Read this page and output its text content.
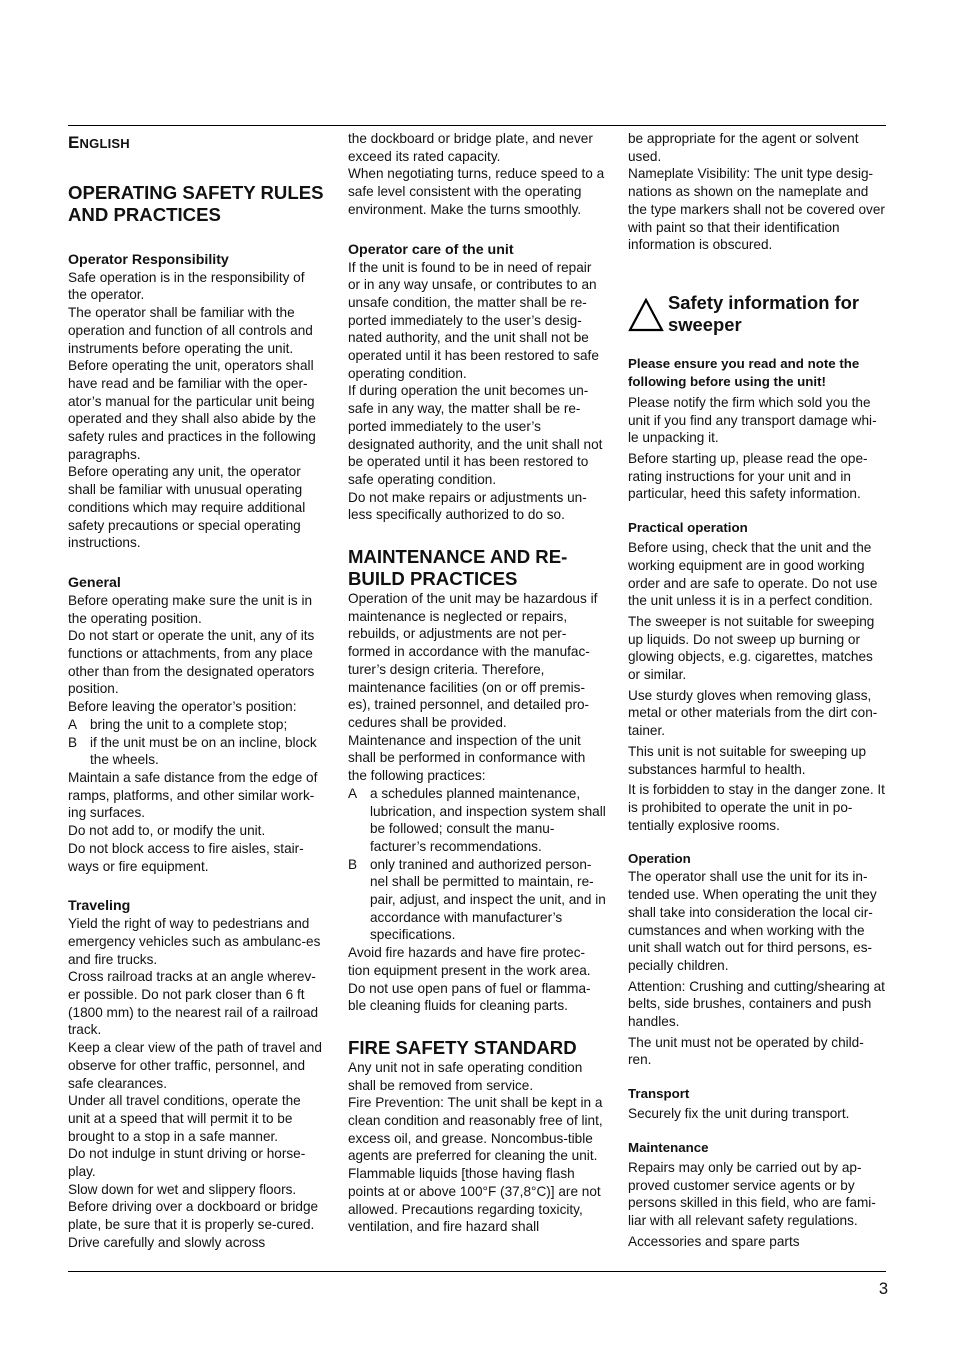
ENGLISH
OPERATING SAFETY RULES AND PRACTICES
Operator Responsibility

Safe operation is in the responsibility of the operator.

The operator shall be familiar with the operation and function of all controls and instruments before operating the unit.

Before operating the unit, operators shall have read and be familiar with the oper-ator’s manual for the particular unit being operated and they shall also abide by the safety rules and practices in the following paragraphs.

Before operating any unit, the operator shall be familiar with unusual operating conditions which may require additional safety precautions or special operating instructions.

General

Before operating make sure the unit is in the operating position.

Do not start or operate the unit, any of its functions or attachments, from any place other than from the designated operators position.

Before leaving the operator’s position:

A bring the unit to a complete stop;
B if the unit must be on an incline, block the wheels.

Maintain a safe distance from the edge of ramps, platforms, and other similar work-ing surfaces.

Do not add to, or modify the unit.

Do not block access to fire aisles, stair-ways or fire equipment.

Traveling

Yield the right of way to pedestrians and emergency vehicles such as ambulanc-es and fire trucks.

Cross railroad tracks at an angle wherev-er possible. Do not park closer than 6 ft (1800 mm) to the nearest rail of a railroad track.

Keep a clear view of the path of travel and observe for other traffic, personnel, and safe clearances.

Under all travel conditions, operate the unit at a speed that will permit it to be brought to a stop in a safe manner.

Do not indulge in stunt driving or horse-play.

Slow down for wet and slippery floors.

Before driving over a dockboard or bridge plate, be sure that it is properly se-cured. Drive carefully and slowly across

the dockboard or bridge plate, and never exceed its rated capacity.

When negotiating turns, reduce speed to a safe level consistent with the operating environment. Make the turns smoothly.

Operator care of the unit

If the unit is found to be in need of repair or in any way unsafe, or contributes to an unsafe condition, the matter shall be re-ported immediately to the user’s desig-nated authority, and the unit shall not be operated until it has been restored to safe operating condition.

If during operation the unit becomes un-safe in any way, the matter shall be re-ported immediately to the user’s designated authority, and the unit shall not be operated until it has been restored to safe operating condition.

Do not make repairs or adjustments un-less specifically authorized to do so.

MAINTENANCE AND RE-BUILD PRACTICES

Operation of the unit may be hazardous if maintenance is neglected or repairs, rebuilds, or adjustments are not per-formed in accordance with the manufac-turer’s design criteria. Therefore, maintenance facilities (on or off premis-es), trained personnel, and detailed pro-cedures shall be provided.

Maintenance and inspection of the unit shall be performed in conformance with the following practices:

A a schedules planned maintenance, lubrication, and inspection system shall be followed; consult the manu-facturer’s recommendations.
B only tranined and authorized person-nel shall be permitted to maintain, re-pair, adjust, and inspect the unit, and in accordance with manufacturer’s specifications.

Avoid fire hazards and have fire protec-tion equipment present in the work area. Do not use open pans of fuel or flamma-ble cleaning fluids for cleaning parts.

FIRE SAFETY STANDARD

Any unit not in safe operating condition shall be removed from service.

Fire Prevention: The unit shall be kept in a clean condition and reasonably free of lint, excess oil, and grease. Noncombus-tible agents are preferred for cleaning the unit. Flammable liquids [those having flash points at or above 100°F (37,8°C)] are not allowed. Precautions regarding toxicity, ventilation, and fire hazard shall

be appropriate for the agent or solvent used.

Nameplate Visibility: The unit type desig-nations as shown on the nameplate and the type markers shall not be covered over with paint so that their identification information is obscured.

Safety information for sweeper

Please ensure you read and note the following before using the unit!

Please notify the firm which sold you the unit if you find any transport damage whi-le unpacking it.

Before starting up, please read the ope-rating instructions for your unit and in particular, heed this safety information.

Practical operation

Before using, check that the unit and the working equipment are in good working order and are safe to operate. Do not use the unit unless it is in a perfect condition.

The sweeper is not suitable for sweeping up liquids. Do not sweep up burning or glowing objects, e.g. cigarettes, matches or similar.

Use sturdy gloves when removing glass, metal or other materials from the dirt con-tainer.

This unit is not suitable for sweeping up substances harmful to health.

It is forbidden to stay in the danger zone. It is prohibited to operate the unit in po-tentially explosive rooms.

Operation

The operator shall use the unit for its in-tended use. When operating the unit they shall take into consideration the local cir-cumstances and when working with the unit shall watch out for third persons, es-pecially children.

Attention: Crushing and cutting/shearing at belts, side brushes, containers and push handles.

The unit must not be operated by child-ren.

Transport

Securely fix the unit during transport.

Maintenance

Repairs may only be carried out by ap-proved customer service agents or by persons skilled in this field, who are fami-liar with all relevant safety regulations.

Accessories and spare parts

3
